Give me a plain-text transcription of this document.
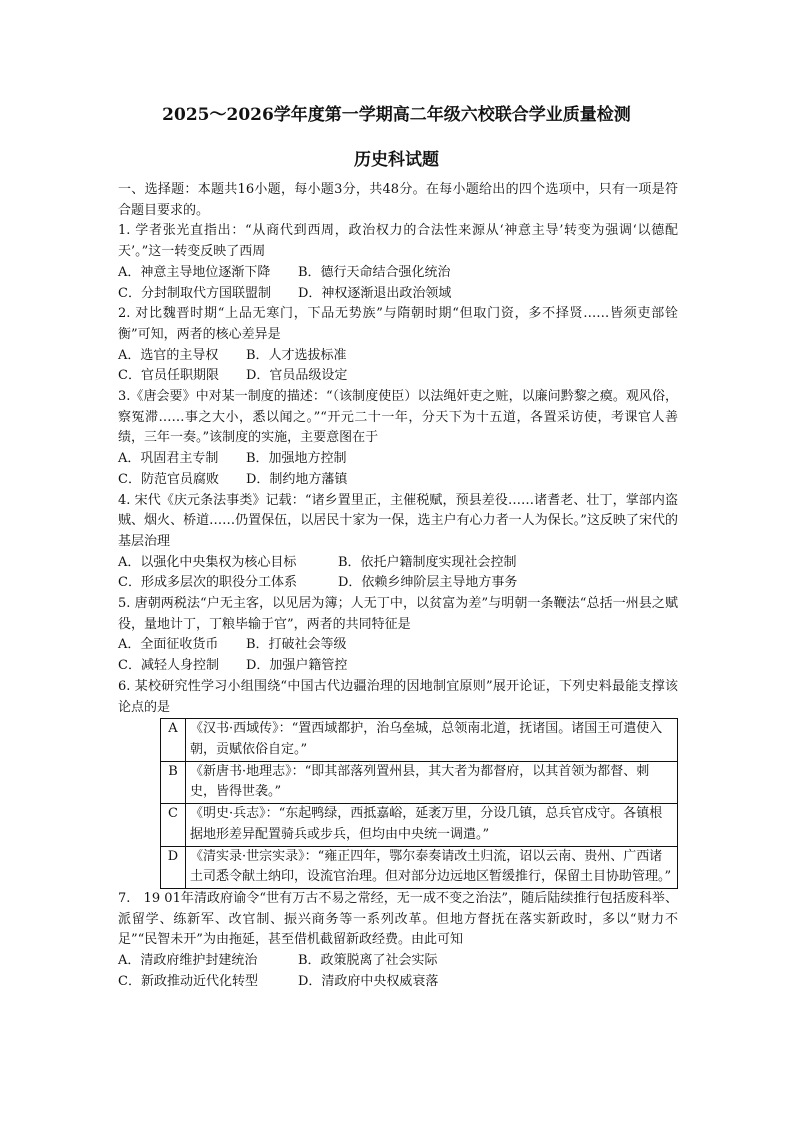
2025～2026学年度第一学期高二年级六校联合学业质量检测
历史科试题

一、选择题：本题共16小题，每小题3分，共48分。在每小题给出的四个选项中，只有一项是符合题目要求的。

1. 学者张光直指出：“从商代到西周，政治权力的合法性来源从‘神意主导’转变为强调‘以德配天’。”这一转变反映了西周

A．神意主导地位逐渐下降	B．德行天命结合强化统治
C．分封制取代方国联盟制	D．神权逐渐退出政治领域

2. 对比魏晋时期“上品无寒门，下品无势族”与隋朝时期“但取门资，多不择贤……皆须吏部铨衡”可知，两者的核心差异是

A．选官的主导权	B．人才选拔标准
C．官员任职期限	D．官员品级设定

3.《唐会要》中对某一制度的描述：“（该制度使臣）以法绳奸吏之赃，以廉问黔黎之瘼。观风俗，察冤滞……事之大小，悉以闻之。”“开元二十一年，分天下为十五道，各置采访使，考课官人善绩，三年一奏。”该制度的实施，主要意图在于

A．巩固君主专制	B．加强地方控制
C．防范官员腐败	D．制约地方藩镇

4. 宋代《庆元条法事类》记载：“诸乡置里正，主催税赋，预县差役……诸耆老、壮丁，掌部内盗贼、烟火、桥道……仍置保伍，以居民十家为一保，选主户有心力者一人为保长。”这反映了宋代的基层治理

A．以强化中央集权为核心目标	B．依托户籍制度实现社会控制
C．形成多层次的职役分工体系	D．依赖乡绅阶层主导地方事务

5. 唐朝两税法“户无主客，以见居为簿；人无丁中，以贫富为差”与明朝一条鞭法“总括一州县之赋役，量地计丁，丁粮毕输于官”，两者的共同特征是

A．全面征收货币	B．打破社会等级
C．减轻人身控制	D．加强户籍管控

6. 某校研究性学习小组围绕“中国古代边疆治理的因地制宜原则”展开论证，下列史料最能支撑该论点的是

A	《汉书·西域传》：“置西域都护，治乌垒城，总领南北道，抚诸国。诸国王可遣使入朝，贡赋依俗自定。”
B	《新唐书·地理志》：“即其部落列置州县，其大者为都督府，以其首领为都督、刺史，皆得世袭。”
C	《明史·兵志》：“东起鸭绿，西抵嘉峪，延袤万里，分设几镇，总兵官戍守。各镇根据地形差异配置骑兵或步兵，但均由中央统一调遣。”
D	《清实录·世宗实录》：“雍正四年，鄂尔泰奏请改土归流，诏以云南、贵州、广西诸土司悉令献土纳印，设流官治理。但对部分边远地区暂缓推行，保留土目协助管理。”

7.　19 01年清政府谕令“世有万古不易之常经，无一成不变之治法”，随后陆续推行包括废科举、派留学、练新军、改官制、振兴商务等一系列改革。但地方督抚在落实新政时，多以“财力不足”“民智未开”为由拖延，甚至借机截留新政经费。由此可知

A．清政府维护封建统治	B．政策脱离了社会实际
C．新政推动近代化转型	D．清政府中央权威衰落
